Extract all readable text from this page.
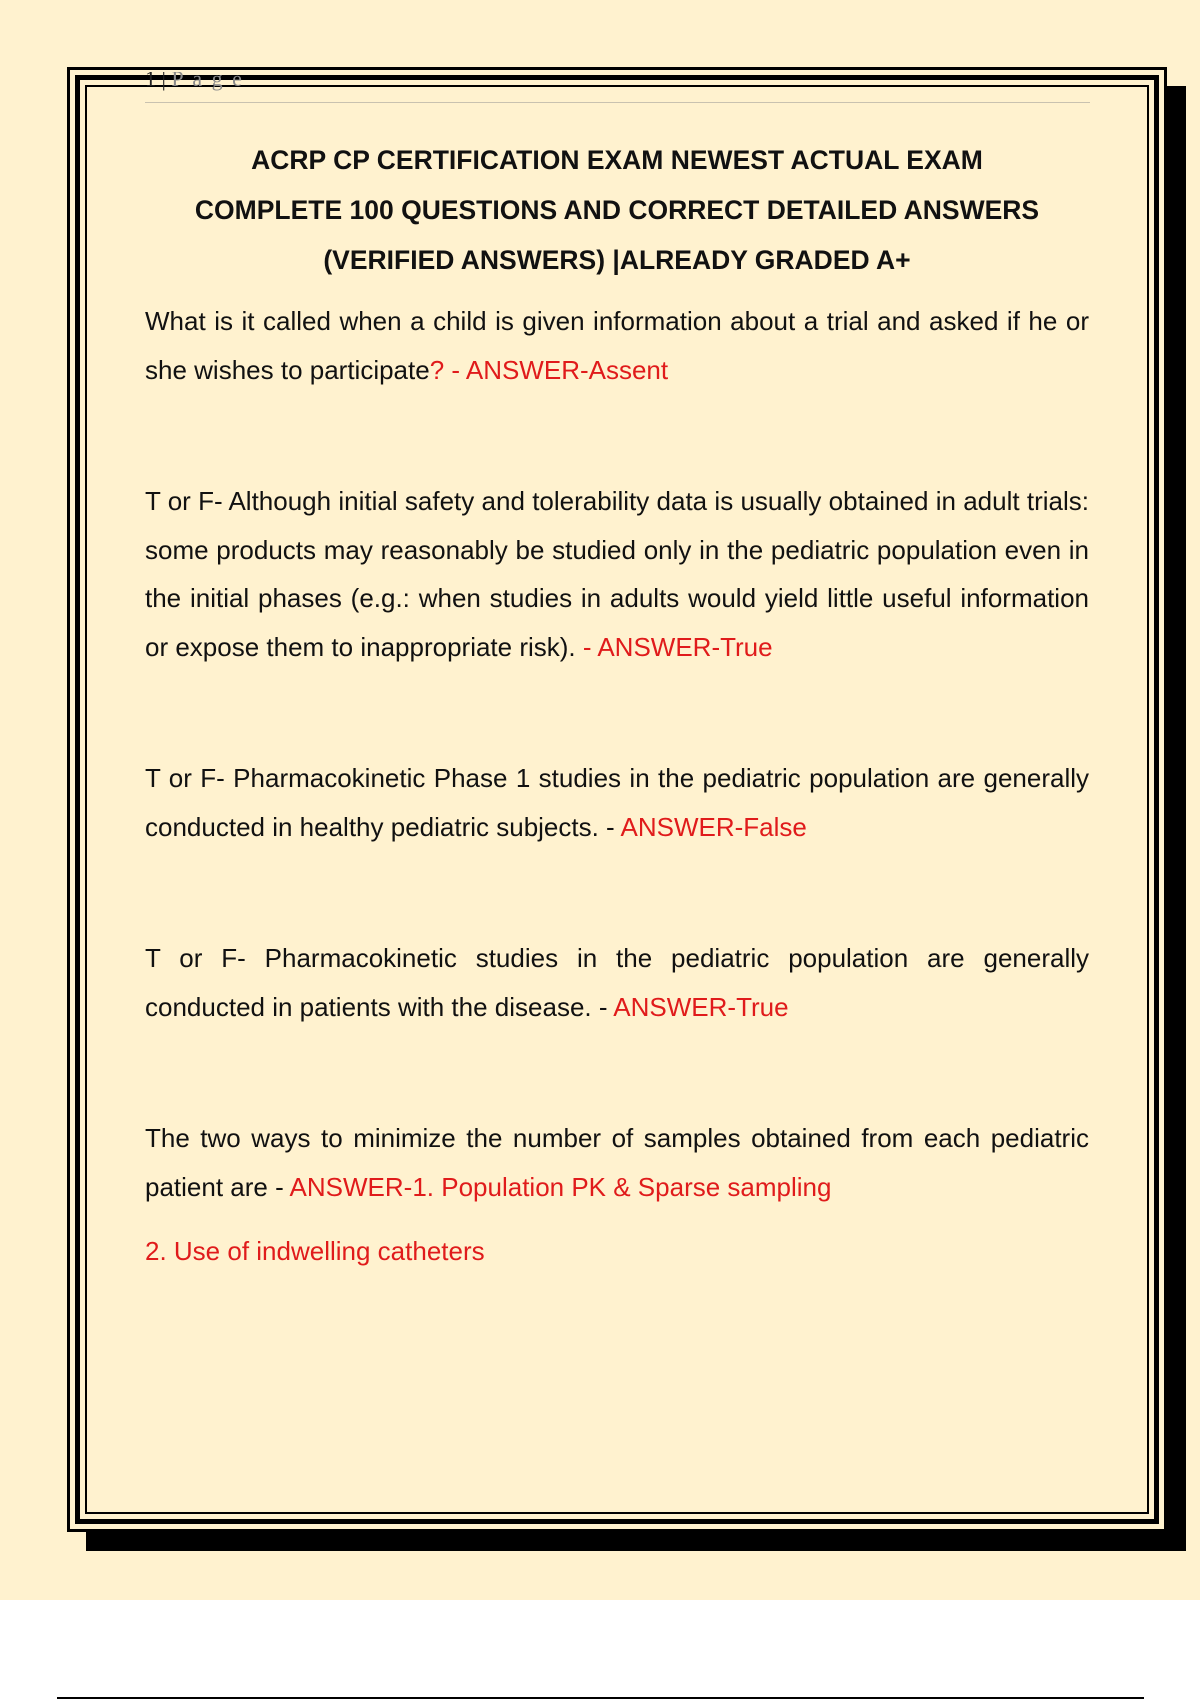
1 | P a g e
ACRP CP CERTIFICATION EXAM NEWEST ACTUAL EXAM
COMPLETE 100 QUESTIONS AND CORRECT DETAILED ANSWERS
(VERIFIED ANSWERS) |ALREADY GRADED A+

What is it called when a child is given information about a trial and asked if he or she wishes to participate? - ANSWER-Assent

T or F- Although initial safety and tolerability data is usually obtained in adult trials: some products may reasonably be studied only in the pediatric population even in the initial phases (e.g.: when studies in adults would yield little useful information or expose them to inappropriate risk). - ANSWER-True

T or F- Pharmacokinetic Phase 1 studies in the pediatric population are generally conducted in healthy pediatric subjects. - ANSWER-False

T or F- Pharmacokinetic studies in the pediatric population are generally conducted in patients with the disease. - ANSWER-True

The two ways to minimize the number of samples obtained from each pediatric patient are - ANSWER-1. Population PK & Sparse sampling

2. Use of indwelling catheters
